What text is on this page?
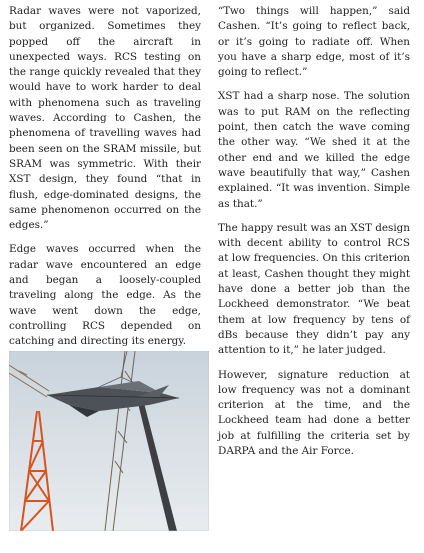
Radar waves were not vaporized, but organized. Sometimes they popped off the aircraft in unexpected ways. RCS testing on the range quickly revealed that they would have to work harder to deal with phenomena such as traveling waves. According to Cashen, the phenomena of travelling waves had been seen on the SRAM missile, but SRAM was symmetric. With their XST design, they found “that in flush, edge-dominated designs, the same phenomenon occurred on the edges.”

Edge waves occurred when the radar wave encountered an edge and began a loosely-coupled traveling along the edge. As the wave went down the edge, controlling RCS depended on catching and directing its energy.

“Two things will happen,” said Cashen. “It’s going to reflect back, or it’s going to radiate off. When you have a sharp edge, most of it’s going to reflect.”

XST had a sharp nose. The solution was to put RAM on the reflecting point, then catch the wave coming the other way. “We shed it at the other end and we killed the edge wave beautifully that way,” Cashen explained. “It was invention. Simple as that.”

The happy result was an XST design with decent ability to control RCS at low frequencies. On this criterion at least, Cashen thought they might have done a better job than the Lockheed demonstrator. “We beat them at low frequency by tens of dBs because they didn’t pay any attention to it,” he later judged.

However, signature reduction at low frequency was not a dominant criterion at the time, and the Lockheed team had done a better job at fulfilling the criteria set by DARPA and the Air Force.
